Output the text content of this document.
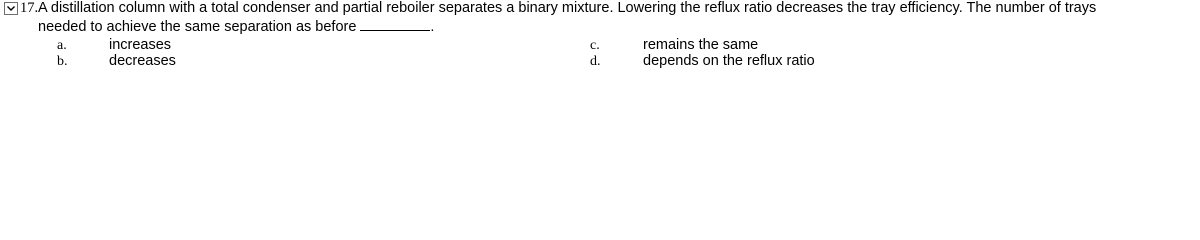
17. A distillation column with a total condenser and partial reboiler separates a binary mixture. Lowering the reflux ratio decreases the tray efficiency. The number of trays
needed to achieve the same separation as before	.
a.	increases
b.	decreases
c.	remains the same
d.	depends on the reflux ratio
